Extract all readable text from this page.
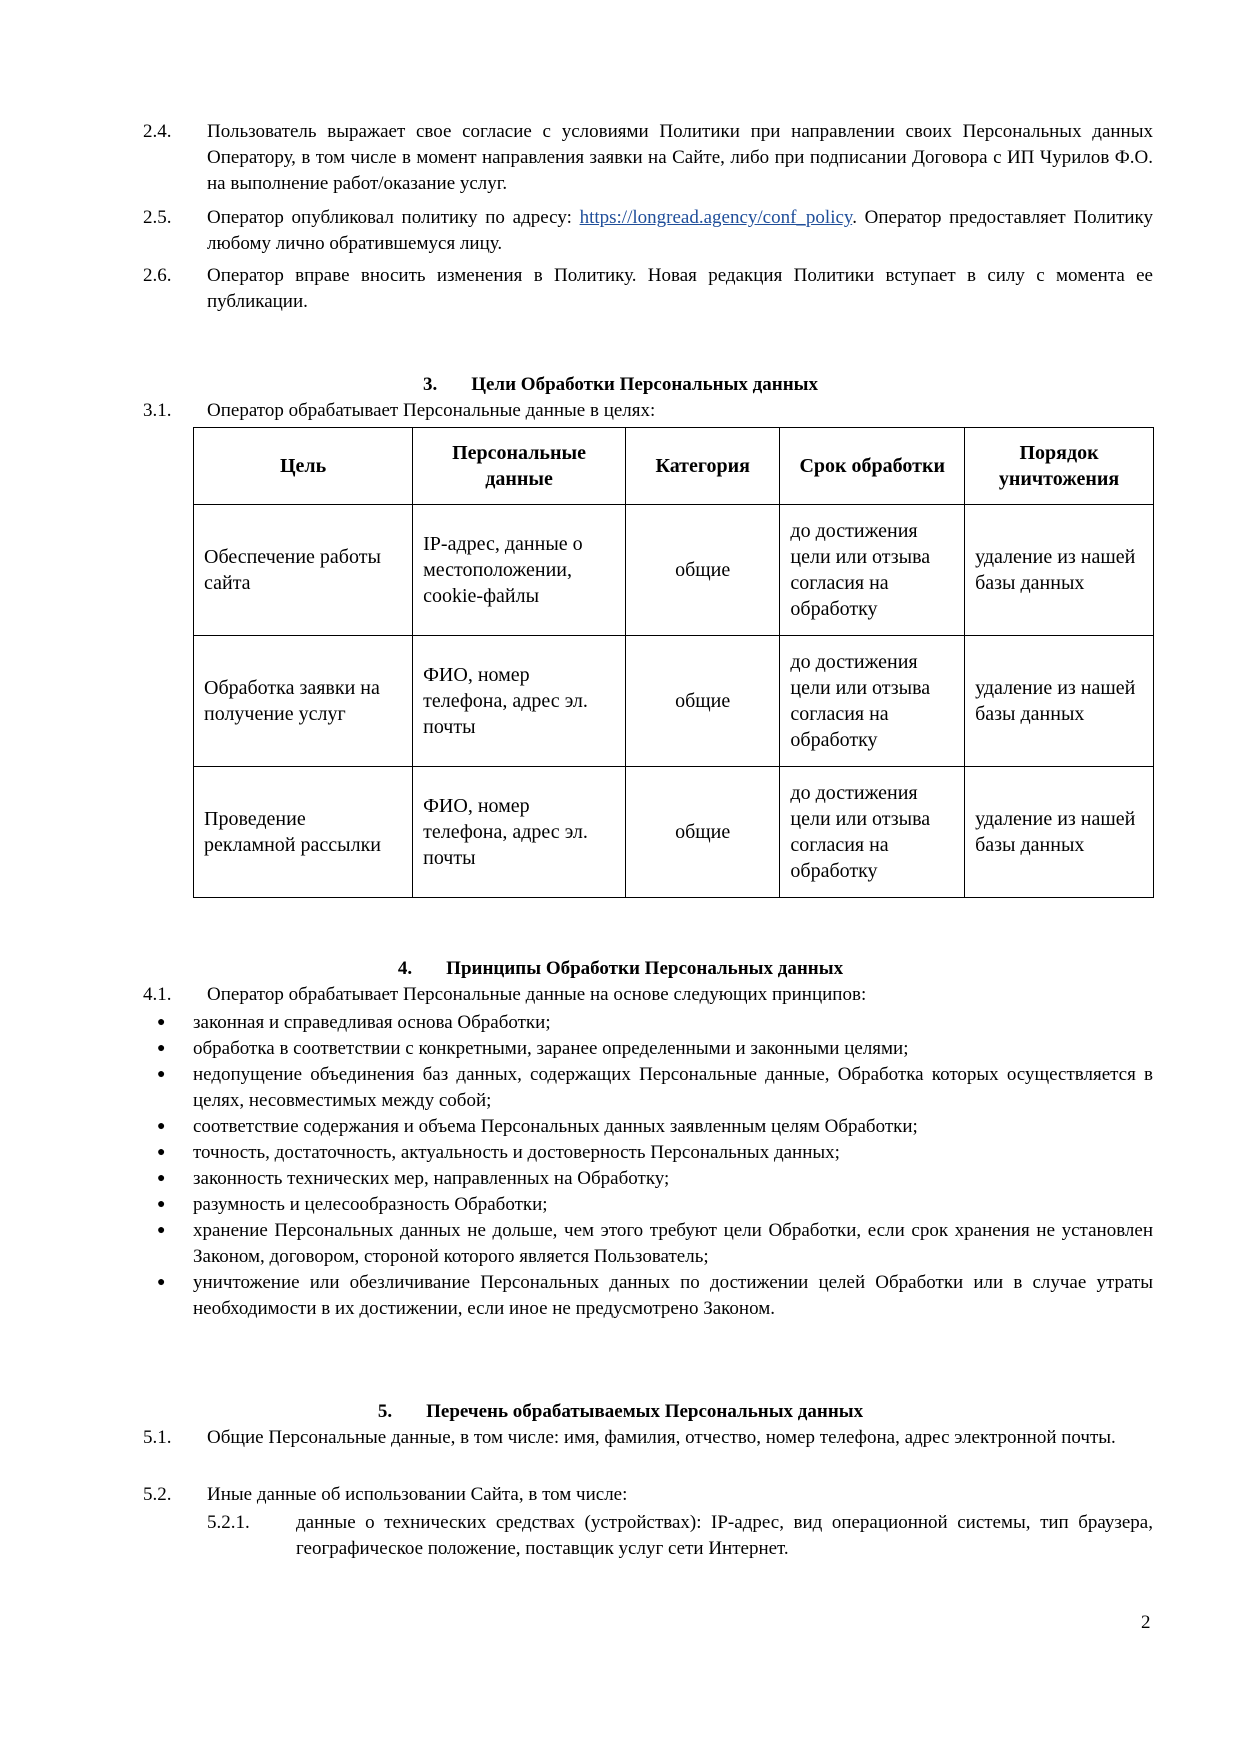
2.4. Пользователь выражает свое согласие с условиями Политики при направлении своих Персональных данных Оператору, в том числе в момент направления заявки на Сайте, либо при подписании Договора с ИП Чурилов Ф.О. на выполнение работ/оказание услуг.
2.5. Оператор опубликовал политику по адресу: https://longread.agency/conf_policy. Оператор предоставляет Политику любому лично обратившемуся лицу.
2.6. Оператор вправе вносить изменения в Политику. Новая редакция Политики вступает в силу с момента ее публикации.
3. Цели Обработки Персональных данных
3.1. Оператор обрабатывает Персональные данные в целях:
Цель	Персональные данные	Категория	Срок обработки	Порядок уничтожения
Обеспечение работы сайта	IP-адрес, данные о местоположении, cookie-файлы	общие	до достижения цели или отзыва согласия на обработку	удаление из нашей базы данных
Обработка заявки на получение услуг	ФИО, номер телефона, адрес эл. почты	общие	до достижения цели или отзыва согласия на обработку	удаление из нашей базы данных
Проведение рекламной рассылки	ФИО, номер телефона, адрес эл. почты	общие	до достижения цели или отзыва согласия на обработку	удаление из нашей базы данных
4. Принципы Обработки Персональных данных
4.1. Оператор обрабатывает Персональные данные на основе следующих принципов:
● законная и справедливая основа Обработки;
● обработка в соответствии с конкретными, заранее определенными и законными целями;
● недопущение объединения баз данных, содержащих Персональные данные, Обработка которых осуществляется в целях, несовместимых между собой;
● соответствие содержания и объема Персональных данных заявленным целям Обработки;
● точность, достаточность, актуальность и достоверность Персональных данных;
● законность технических мер, направленных на Обработку;
● разумность и целесообразность Обработки;
● хранение Персональных данных не дольше, чем этого требуют цели Обработки, если срок хранения не установлен Законом, договором, стороной которого является Пользователь;
● уничтожение или обезличивание Персональных данных по достижении целей Обработки или в случае утраты необходимости в их достижении, если иное не предусмотрено Законом.
5. Перечень обрабатываемых Персональных данных
5.1. Общие Персональные данные, в том числе: имя, фамилия, отчество, номер телефона, адрес электронной почты.
5.2. Иные данные об использовании Сайта, в том числе:
5.2.1. данные о технических средствах (устройствах): IP-адрес, вид операционной системы, тип браузера, географическое положение, поставщик услуг сети Интернет.
2
